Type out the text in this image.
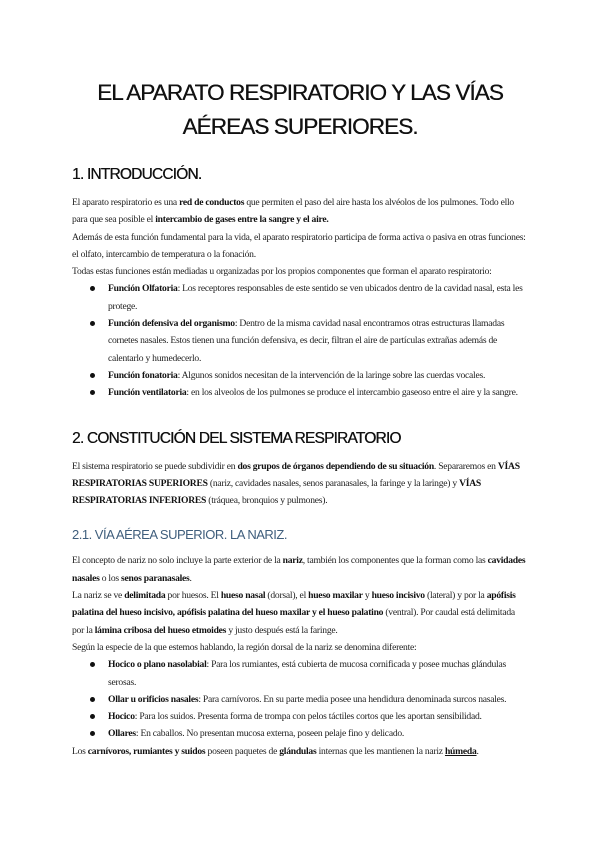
EL APARATO RESPIRATORIO Y LAS VÍAS AÉREAS SUPERIORES.
1. INTRODUCCIÓN.

El aparato respiratorio es una red de conductos que permiten el paso del aire hasta los alvéolos de los pulmones. Todo ello para que sea posible el intercambio de gases entre la sangre y el aire.

Además de esta función fundamental para la vida, el aparato respiratorio participa de forma activa o pasiva en otras funciones: el olfato, intercambio de temperatura o la fonación.

Todas estas funciones están mediadas u organizadas por los propios componentes que forman el aparato respiratorio:

Función Olfatoria: Los receptores responsables de este sentido se ven ubicados dentro de la cavidad nasal, esta les protege.
Función defensiva del organismo: Dentro de la misma cavidad nasal encontramos otras estructuras llamadas cornetes nasales. Estos tienen una función defensiva, es decir, filtran el aire de partículas extrañas además de calentarlo y humedecerlo.
Función fonatoria: Algunos sonidos necesitan de la intervención de la laringe sobre las cuerdas vocales.
Función ventilatoria: en los alveolos de los pulmones se produce el intercambio gaseoso entre el aire y la sangre.
2. CONSTITUCIÓN DEL SISTEMA RESPIRATORIO

El sistema respiratorio se puede subdividir en dos grupos de órganos dependiendo de su situación. Separaremos en VÍAS RESPIRATORIAS SUPERIORES (nariz, cavidades nasales, senos paranasales, la faringe y la laringe) y VÍAS RESPIRATORIAS INFERIORES (tráquea, bronquios y pulmones).

2.1. VÍA AÉREA SUPERIOR. LA NARIZ.

El concepto de nariz no solo incluye la parte exterior de la nariz, también los componentes que la forman como las cavidades nasales o los senos paranasales.

La nariz se ve delimitada por huesos. El hueso nasal (dorsal), el hueso maxilar y hueso incisivo (lateral) y por la apófisis palatina del hueso incisivo, apófisis palatina del hueso maxilar y el hueso palatino (ventral). Por caudal está delimitada por la lámina cribosa del hueso etmoides y justo después está la faringe.

Según la especie de la que estemos hablando, la región dorsal de la nariz se denomina diferente:

Hocico o plano nasolabial: Para los rumiantes, está cubierta de mucosa cornificada y posee muchas glándulas serosas.
Ollar u orificios nasales: Para carnívoros. En su parte media posee una hendidura denominada surcos nasales.
Hocico: Para los suidos. Presenta forma de trompa con pelos táctiles cortos que les aportan sensibilidad.
Ollares: En caballos. No presentan mucosa externa, poseen pelaje fino y delicado.

Los carnívoros, rumiantes y suidos poseen paquetes de glándulas internas que les mantienen la nariz húmeda.
